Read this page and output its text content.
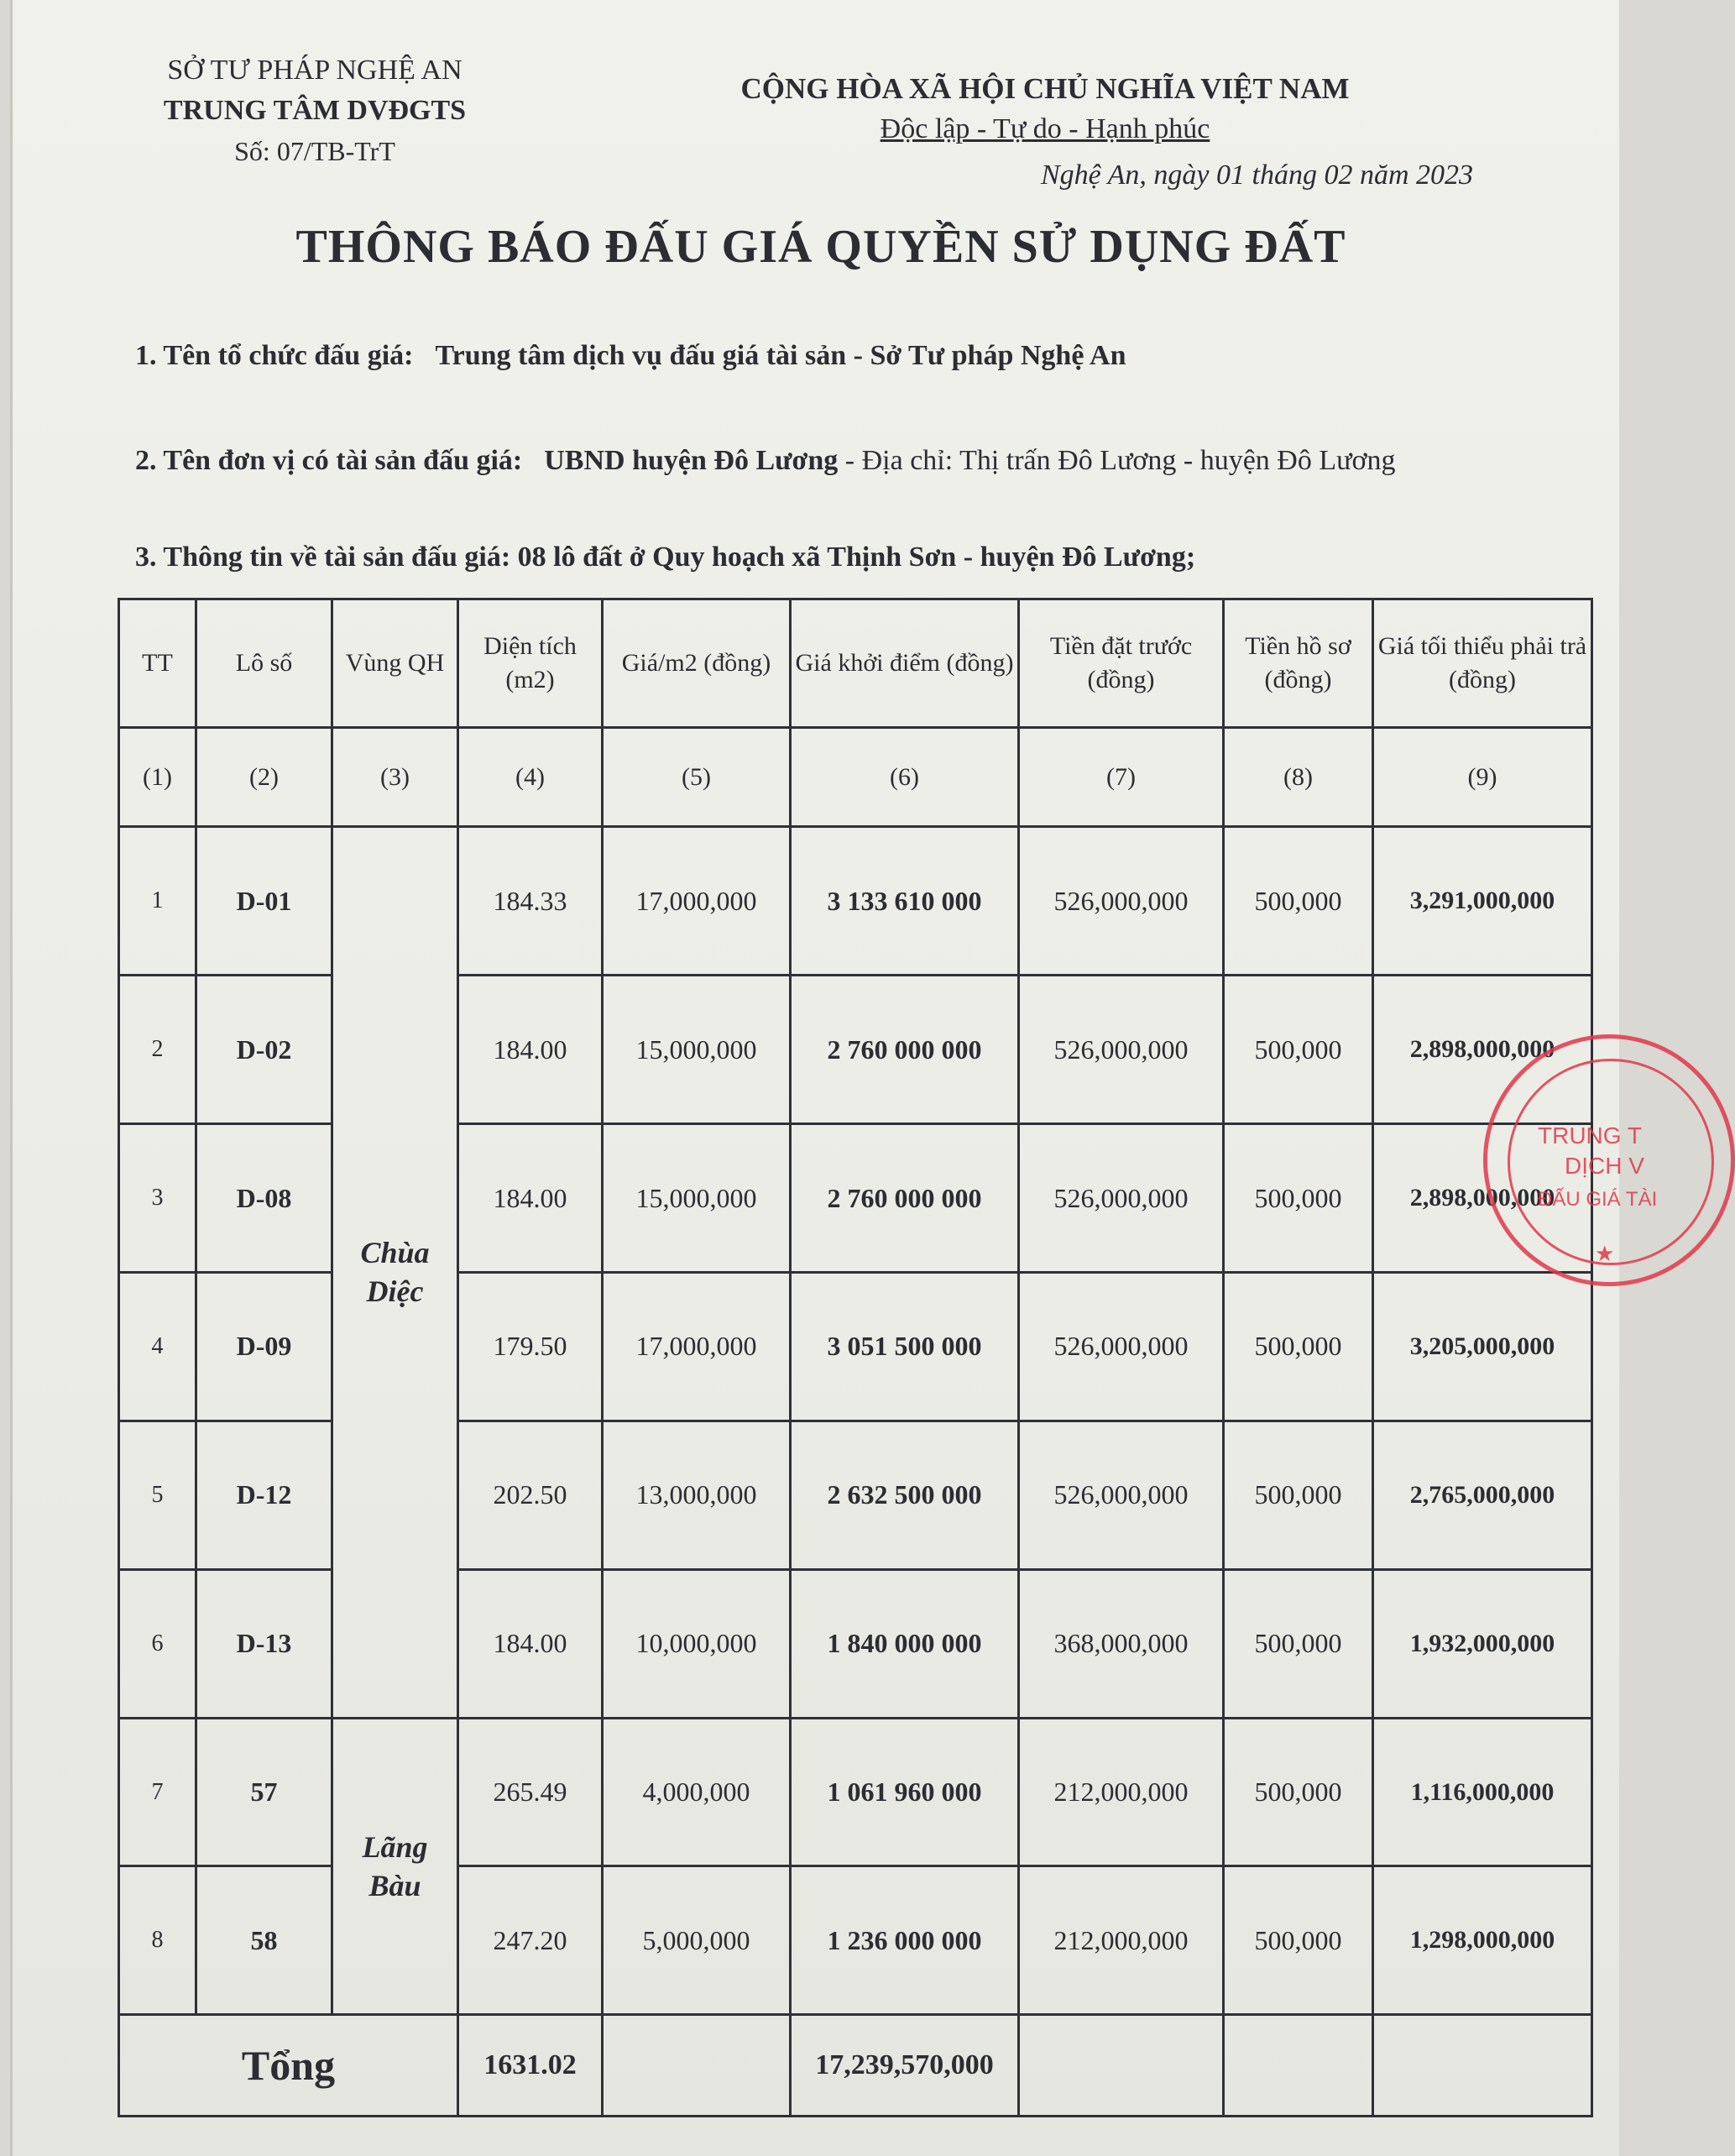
SỞ TƯ PHÁP NGHỆ AN
TRUNG TÂM DVĐGTS
Số: 07/TB-TrT
CỘNG HÒA XÃ HỘI CHỦ NGHĨA VIỆT NAM
Độc lập - Tự do - Hạnh phúc
Nghệ An, ngày 01 tháng 02 năm 2023
THÔNG BÁO ĐẤU GIÁ QUYỀN SỬ DỤNG ĐẤT
1. Tên tổ chức đấu giá: Trung tâm dịch vụ đấu giá tài sản - Sở Tư pháp Nghệ An
2. Tên đơn vị có tài sản đấu giá: UBND huyện Đô Lương - Địa chỉ: Thị trấn Đô Lương - huyện Đô Lương
3. Thông tin về tài sản đấu giá: 08 lô đất ở Quy hoạch xã Thịnh Sơn - huyện Đô Lương;
TT	Lô số	Vùng QH	Diện tích (m2)	Giá/m2 (đồng)	Giá khởi điểm (đồng)	Tiền đặt trước (đồng)	Tiền hồ sơ (đồng)	Giá tối thiểu phải trả (đồng)
(1)	(2)	(3)	(4)	(5)	(6)	(7)	(8)	(9)
1	D-01	Chùa Diệc	184.33	17,000,000	3 133 610 000	526,000,000	500,000	3,291,000,000
2	D-02		184.00	15,000,000	2 760 000 000	526,000,000	500,000	2,898,000,000
3	D-08		184.00	15,000,000	2 760 000 000	526,000,000	500,000	2,898,000,000
4	D-09		179.50	17,000,000	3 051 500 000	526,000,000	500,000	3,205,000,000
5	D-12		202.50	13,000,000	2 632 500 000	526,000,000	500,000	2,765,000,000
6	D-13		184.00	10,000,000	1 840 000 000	368,000,000	500,000	1,932,000,000
7	57	Lãng Bàu	265.49	4,000,000	1 061 960 000	212,000,000	500,000	1,116,000,000
8	58		247.20	5,000,000	1 236 000 000	212,000,000	500,000	1,298,000,000
Tổng			1631.02		17,239,570,000			
TRUNG T
DỊCH V
ĐẤU GIÁ TÀI
★
